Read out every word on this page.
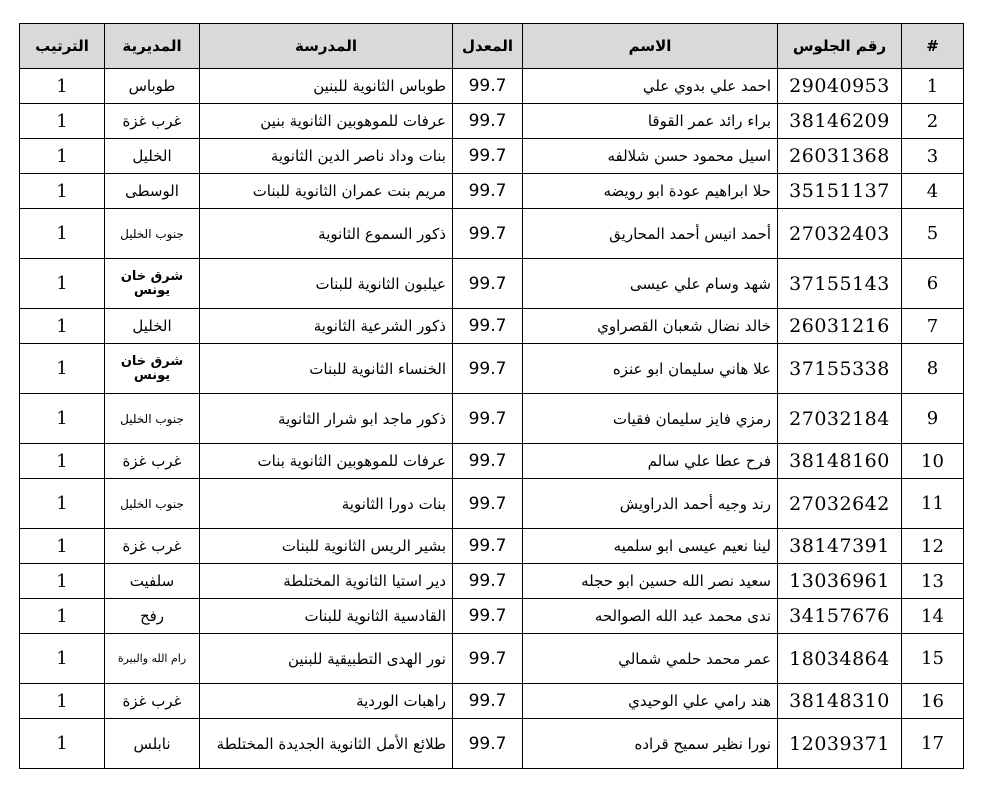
#	رقم الجلوس	الاسم	المعدل	المدرسة	المديرية	الترتيب
1	29040953	احمد علي بدوي علي	99.7	طوباس الثانوية للبنين	طوباس	1
2	38146209	براء رائد عمر القوقا	99.7	عرفات للموهوبين الثانوية بنين	غرب غزة	1
3	26031368	اسيل محمود حسن شلالفه	99.7	بنات وداد ناصر الدين الثانوية	الخليل	1
4	35151137	حلا ابراهيم عودة ابو رويضه	99.7	مريم بنت عمران الثانوية للبنات	الوسطى	1
5	27032403	أحمد انيس أحمد المحاريق	99.7	ذكور السموع الثانوية	جنوب الخليل	1
6	37155143	شهد وسام علي عيسى	99.7	عيلبون الثانوية للبنات	شرق خان يونس	1
7	26031216	خالد نضال شعبان القصراوي	99.7	ذكور الشرعية الثانوية	الخليل	1
8	37155338	علا هاني سليمان ابو عنزه	99.7	الخنساء الثانوية للبنات	شرق خان يونس	1
9	27032184	رمزي فايز سليمان فقيات	99.7	ذكور ماجد ابو شرار الثانوية	جنوب الخليل	1
10	38148160	فرح عطا علي سالم	99.7	عرفات للموهوبين الثانوية بنات	غرب غزة	1
11	27032642	رند وجيه أحمد الدراويش	99.7	بنات دورا الثانوية	جنوب الخليل	1
12	38147391	لينا نعيم عيسى ابو سلميه	99.7	بشير الريس الثانوية للبنات	غرب غزة	1
13	13036961	سعيد نصر الله حسين ابو حجله	99.7	دير استيا الثانوية المختلطة	سلفيت	1
14	34157676	ندى محمد عبد الله الصوالحه	99.7	القادسية الثانوية للبنات	رفح	1
15	18034864	عمر محمد حلمي شمالي	99.7	نور الهدى التطبيقية للبنين	رام الله والبيرة	1
16	38148310	هند رامي علي الوحيدي	99.7	راهبات الوردية	غرب غزة	1
17	12039371	نورا نظير سميح قراده	99.7	طلائع الأمل الثانوية الجديدة المختلطة	نابلس	1
